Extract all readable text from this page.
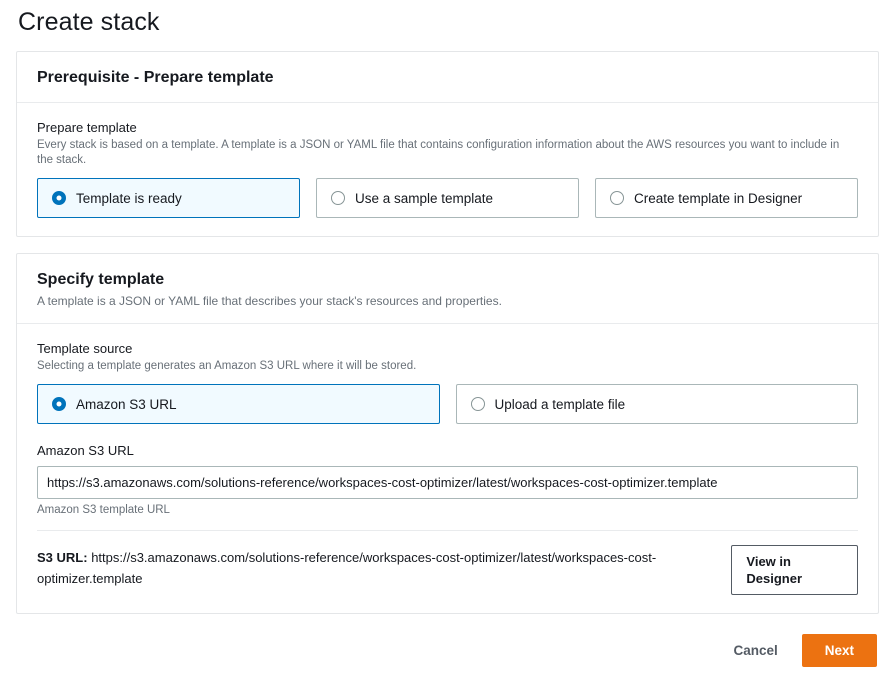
Create stack
Prerequisite - Prepare template
Prepare template
Every stack is based on a template. A template is a JSON or YAML file that contains configuration information about the AWS resources you want to include in the stack.
Template is ready	Use a sample template	Create template in Designer
Specify template
A template is a JSON or YAML file that describes your stack's resources and properties.
Template source
Selecting a template generates an Amazon S3 URL where it will be stored.
Amazon S3 URL	Upload a template file
Amazon S3 URL
https://s3.amazonaws.com/solutions-reference/workspaces-cost-optimizer/latest/workspaces-cost-optimizer.template
Amazon S3 template URL
S3 URL: https://s3.amazonaws.com/solutions-reference/workspaces-cost-optimizer/latest/workspaces-cost-optimizer.template
View in Designer
Cancel	Next
